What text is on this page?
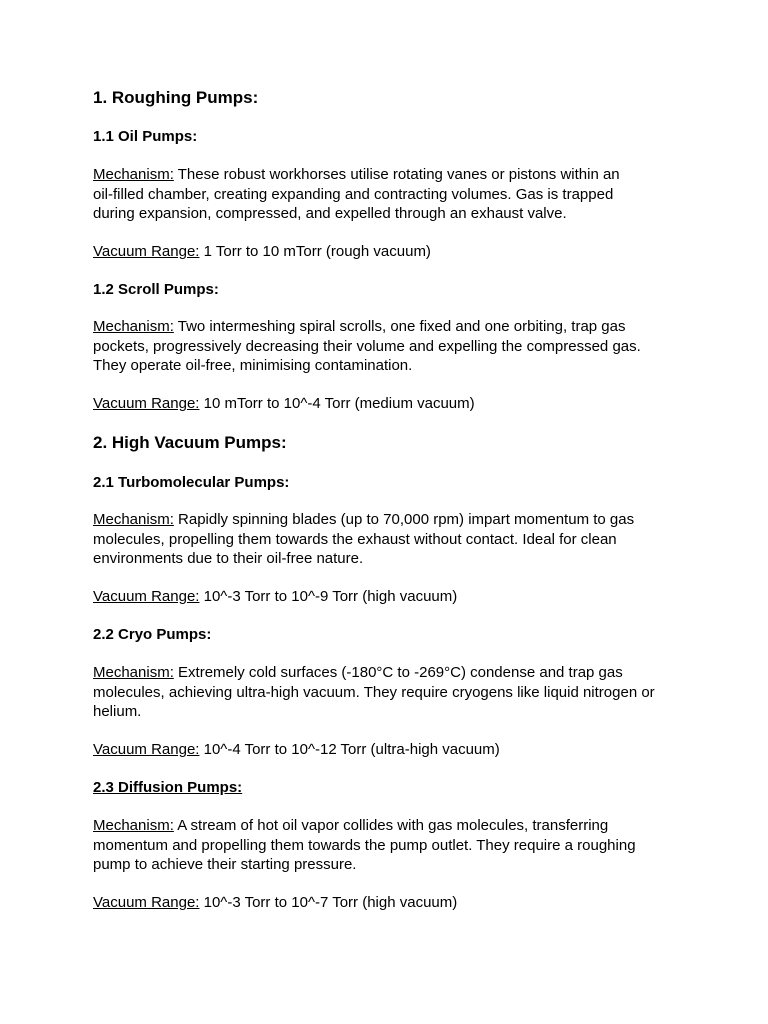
1. Roughing Pumps:
1.1 Oil Pumps:
Mechanism: These robust workhorses utilise rotating vanes or pistons within an
oil-filled chamber, creating expanding and contracting volumes. Gas is trapped
during expansion, compressed, and expelled through an exhaust valve.
Vacuum Range: 1 Torr to 10 mTorr (rough vacuum)
1.2 Scroll Pumps:
Mechanism: Two intermeshing spiral scrolls, one fixed and one orbiting, trap gas
pockets, progressively decreasing their volume and expelling the compressed gas.
They operate oil-free, minimising contamination.
Vacuum Range: 10 mTorr to 10^-4 Torr (medium vacuum)
2. High Vacuum Pumps:
2.1 Turbomolecular Pumps:
Mechanism: Rapidly spinning blades (up to 70,000 rpm) impart momentum to gas
molecules, propelling them towards the exhaust without contact. Ideal for clean
environments due to their oil-free nature.
Vacuum Range: 10^-3 Torr to 10^-9 Torr (high vacuum)
2.2 Cryo Pumps:
Mechanism: Extremely cold surfaces (-180°C to -269°C) condense and trap gas
molecules, achieving ultra-high vacuum. They require cryogens like liquid nitrogen or
helium.
Vacuum Range: 10^-4 Torr to 10^-12 Torr (ultra-high vacuum)
2.3 Diffusion Pumps:
Mechanism: A stream of hot oil vapor collides with gas molecules, transferring
momentum and propelling them towards the pump outlet. They require a roughing
pump to achieve their starting pressure.
Vacuum Range: 10^-3 Torr to 10^-7 Torr (high vacuum)
